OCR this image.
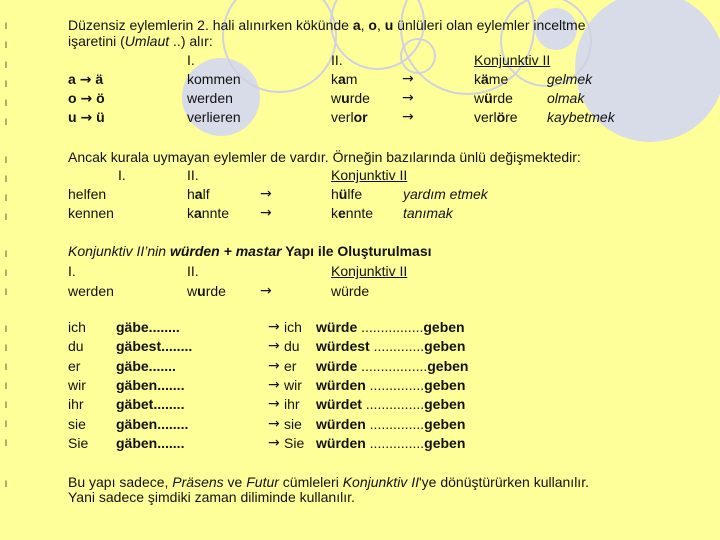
l
l
l
l
l
l
l
l
l
l
l
l
l
l
l
l
l
l
l
l
l
Düzensiz eylemlerin 2. hali alınırken kökünde a, o, u ünlüleri olan eylemler inceltme
işaretini (Umlaut ..) alır:
I.	II.	Konjunktiv II
a → ä	kommen	kam	→	käme	gelmek
o → ö	werden	wurde →	würde olmak
u → ü	verlieren	verlor →	verlöre kaybetmek
Ancak kurala uymayan eylemler de vardır. Örneğin bazılarında ünlü değişmektedir:
I.	II.	Konjunktiv II
helfen	half	→	hülfe	yardım etmek
kennen	kannte →	kennte tanımak
Konjunktiv II’nin würden + mastar Yapı ile Oluşturulması
I.	II.	Konjunktiv II
werden	wurde →	würde
ich gäbe........	→ ich würde ................geben
du gäbest........	→ du würdest .............geben
er	gäbe.......	→ er würde .................geben
wir gäben.......	→ wir würden ..............geben
ihr gäbet........	→ ihr würdet ...............geben
sie gäben........	→ sie würden ..............geben
Sie gäben.......	→ Sie würden ..............geben
Bu yapı sadece, Präsens ve Futur cümleleri Konjunktiv II'ye dönüştürürken kullanılır.
Yani sadece şimdiki zaman diliminde kullanılır.
